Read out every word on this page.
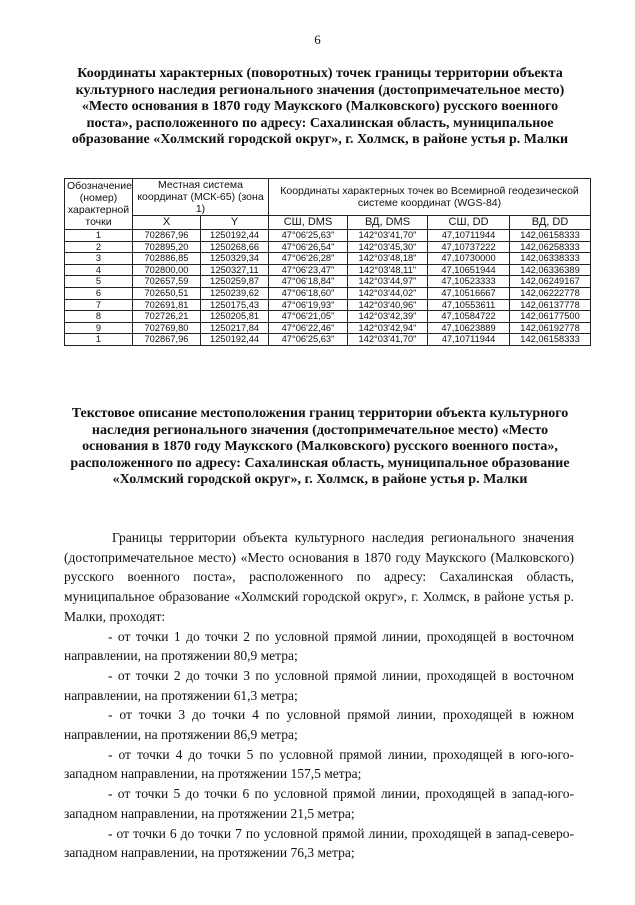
6
Координаты характерных (поворотных) точек границы территории объекта культурного наследия регионального значения (достопримечательное место) «Место основания в 1870 году Маукского (Малковского) русского военного поста», расположенного по адресу: Сахалинская область, муниципальное образование «Холмский городской округ», г. Холмск, в районе устья р. Малки
Обозначение (номер) характерной точки	Местная система координат (МСК-65) (зона 1)		Координаты характерных точек во Всемирной геодезической системе координат (WGS-84)			
	X	Y	СШ, DMS	ВД, DMS	СШ, DD	ВД, DD
1	702867,96	1250192,44	47°06'25,63"	142°03'41,70"	47,10711944	142,06158333
2	702895,20	1250268,66	47°06'26,54"	142°03'45,30"	47,10737222	142,06258333
3	702886,85	1250329,34	47°06'26,28"	142°03'48,18"	47,10730000	142,06338333
4	702800,00	1250327,11	47°06'23,47"	142°03'48,11"	47,10651944	142,06336389
5	702657,59	1250259,87	47°06'18,84"	142°03'44,97"	47,10523333	142,06249167
6	702650,51	1250239,62	47°06'18,60"	142°03'44,02"	47,10516667	142,06222778
7	702691,81	1250175,43	47°06'19,93"	142°03'40,96"	47,10553611	142,06137778
8	702726,21	1250205,81	47°06'21,05"	142°03'42,39"	47,10584722	142,06177500
9	702769,80	1250217,84	47°06'22,46"	142°03'42,94"	47,10623889	142,06192778
1	702867,96	1250192,44	47°06'25,63"	142°03'41,70"	47,10711944	142,06158333
Текстовое описание местоположения границ территории объекта культурного наследия регионального значения (достопримечательное место) «Место основания в 1870 году Маукского (Малковского) русского военного поста», расположенного по адресу: Сахалинская область, муниципальное образование «Холмский городской округ», г. Холмск, в районе устья р. Малки

Границы территории объекта культурного наследия регионального значения (достопримечательное место) «Место основания в 1870 году Маукского (Малковского) русского военного поста», расположенного по адресу: Сахалинская область, муниципальное образование «Холмский городской округ», г. Холмск, в районе устья р. Малки, проходят:

- от точки 1 до точки 2 по условной прямой линии, проходящей в восточном направлении, на протяжении 80,9 метра;

- от точки 2 до точки 3 по условной прямой линии, проходящей в восточном направлении, на протяжении 61,3 метра;

- от точки 3 до точки 4 по условной прямой линии, проходящей в южном направлении, на протяжении 86,9 метра;

- от точки 4 до точки 5 по условной прямой линии, проходящей в юго-юго-западном направлении, на протяжении 157,5 метра;

- от точки 5 до точки 6 по условной прямой линии, проходящей в запад-юго-западном направлении, на протяжении 21,5 метра;

- от точки 6 до точки 7 по условной прямой линии, проходящей в запад-северо-западном направлении, на протяжении 76,3 метра;
